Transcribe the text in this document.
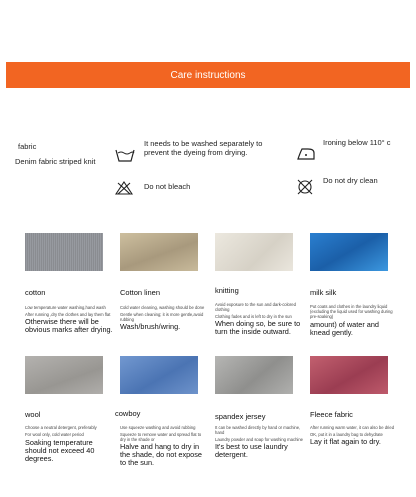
Care instructions
fabric
Denim fabric striped knit
It needs to be washed separately to prevent the dyeing from drying.
Ironing below 110° c
Do not bleach
Do not dry clean
cotton	Cotton linen	knitting	milk silk
Low temperature water washing,hand wash
After running ,dry the clothes and lay them flat
Otherwise there will be obvious marks after drying.
Cold water cleaning, washing should be done
Gentle when cleaning; it is more gentle,avoid rubbing
Wash/brush/wring.
Avoid exposure to the sun and dark-colored clothing
Clothing fades and is left to dry in the sun
When doing so, be sure to turn the inside outward.
Put coats and clothes in the laundry liquid (excluding the liquid used for washing during pre-soaking)
amount) of water and knead gently.
wool	cowboy	spandex jersey	Fleece fabric
Choose a neutral detergent, preferably
For wool only, cold water period
Soaking temperature should not exceed 40 degrees.
Use squeeze washing and avoid rubbing
Squeeze to remove water and spread flat to dry in the shade or
Halve and hang to dry in the shade, do not expose to the sun.
It can be washed directly by hand or machine, hand
Laundry powder and soap for washing machine
It's best to use laundry detergent.
After running warm water, it can also be dried
OK, put it in a laundry bag to dehydrate
Lay it flat again to dry.
